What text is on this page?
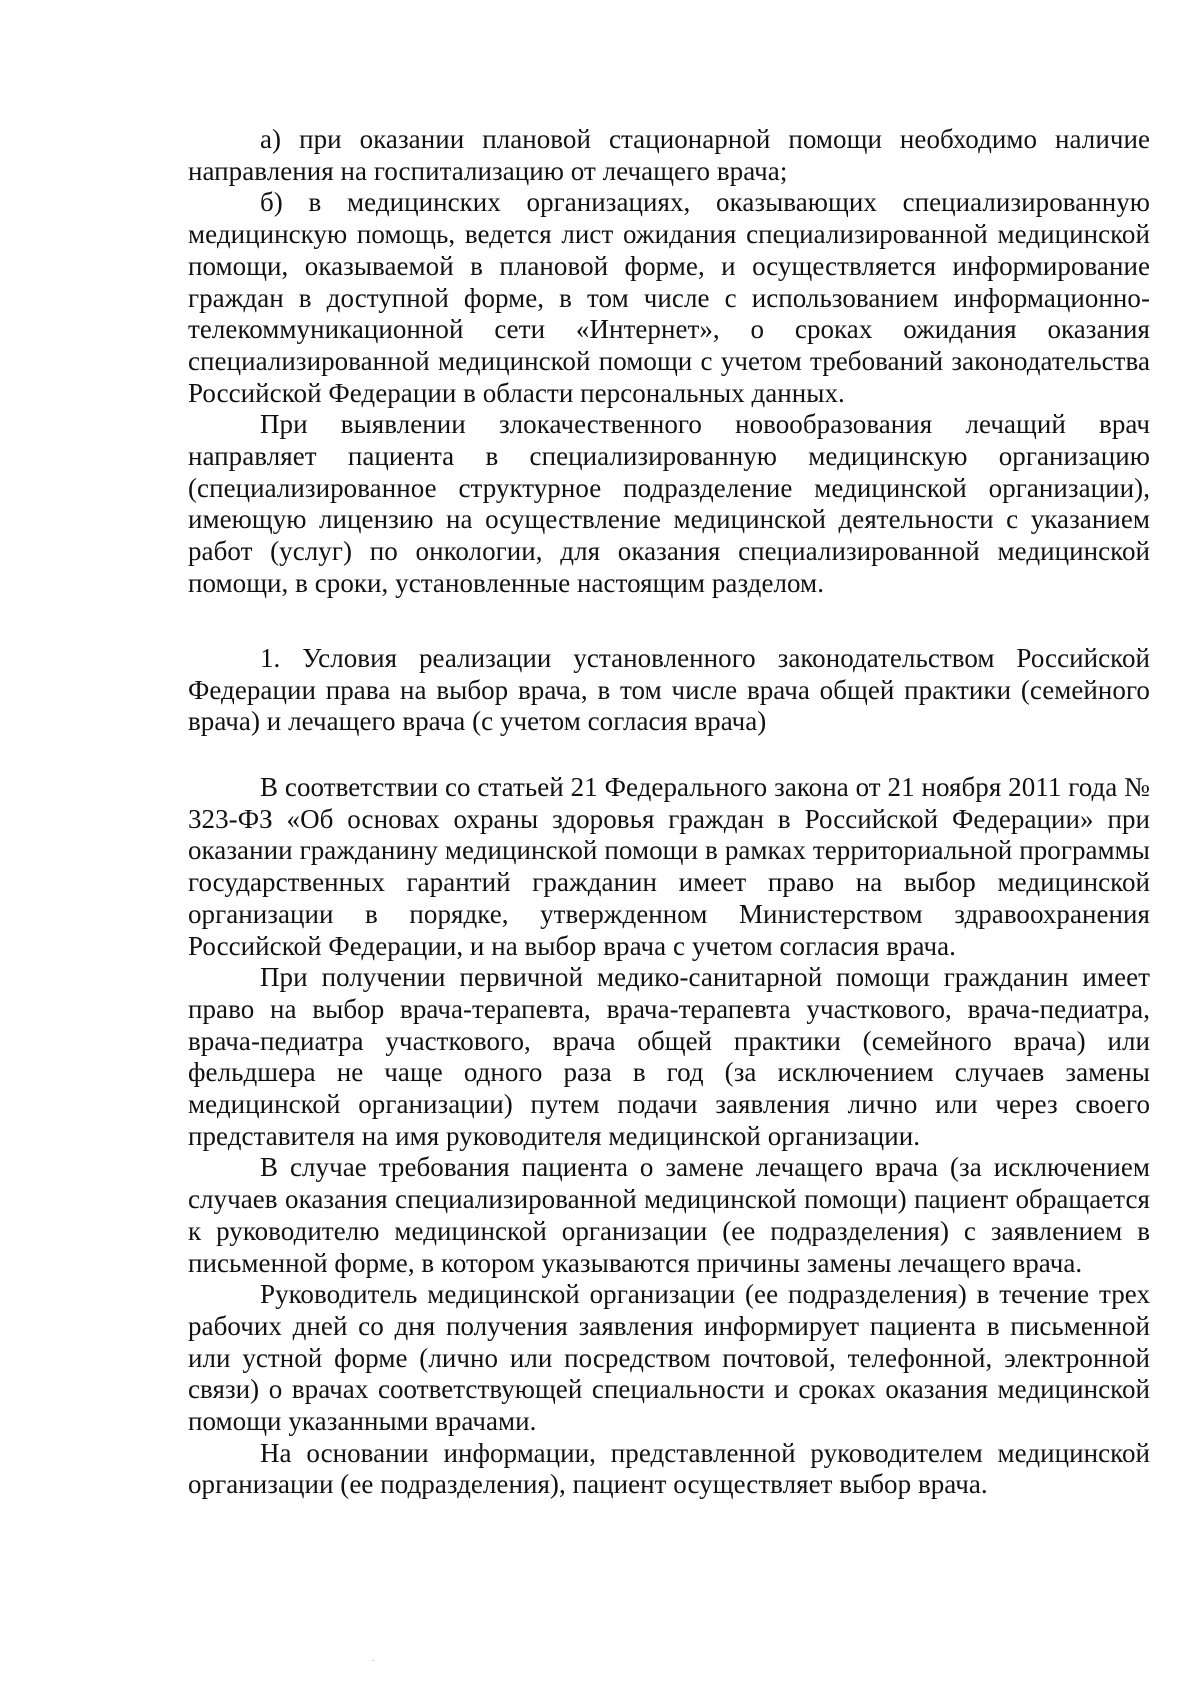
а) при оказании плановой стационарной помощи необходимо наличие направления на госпитализацию от лечащего врача;

б) в медицинских организациях, оказывающих специализированную медицинскую помощь, ведется лист ожидания специализированной медицинской помощи, оказываемой в плановой форме, и осуществляется информирование граждан в доступной форме, в том числе с использованием информационно-телекоммуникационной сети «Интернет», о сроках ожидания оказания специализированной медицинской помощи с учетом требований законодательства Российской Федерации в области персональных данных.

При выявлении злокачественного новообразования лечащий врач направляет пациента в специализированную медицинскую организацию (специализированное структурное подразделение медицинской организации), имеющую лицензию на осуществление медицинской деятельности с указанием работ (услуг) по онкологии, для оказания специализированной медицинской помощи, в сроки, установленные настоящим разделом.

1. Условия реализации установленного законодательством Российской Федерации права на выбор врача, в том числе врача общей практики (семейного врача) и лечащего врача (с учетом согласия врача)

В соответствии со статьей 21 Федерального закона от 21 ноября 2011 года № 323-ФЗ «Об основах охраны здоровья граждан в Российской Федерации» при оказании гражданину медицинской помощи в рамках территориальной программы государственных гарантий гражданин имеет право на выбор медицинской организации в порядке, утвержденном Министерством здравоохранения Российской Федерации, и на выбор врача с учетом согласия врача.

При получении первичной медико-санитарной помощи гражданин имеет право на выбор врача-терапевта, врача-терапевта участкового, врача-педиатра, врача-педиатра участкового, врача общей практики (семейного врача) или фельдшера не чаще одного раза в год (за исключением случаев замены медицинской организации) путем подачи заявления лично или через своего представителя на имя руководителя медицинской организации.

В случае требования пациента о замене лечащего врача (за исключением случаев оказания специализированной медицинской помощи) пациент обращается к руководителю медицинской организации (ее подразделения) с заявлением в письменной форме, в котором указываются причины замены лечащего врача.

Руководитель медицинской организации (ее подразделения) в течение трех рабочих дней со дня получения заявления информирует пациента в письменной или устной форме (лично или посредством почтовой, телефонной, электронной связи) о врачах соответствующей специальности и сроках оказания медицинской помощи указанными врачами.

На основании информации, представленной руководителем медицинской организации (ее подразделения), пациент осуществляет выбор врача.
